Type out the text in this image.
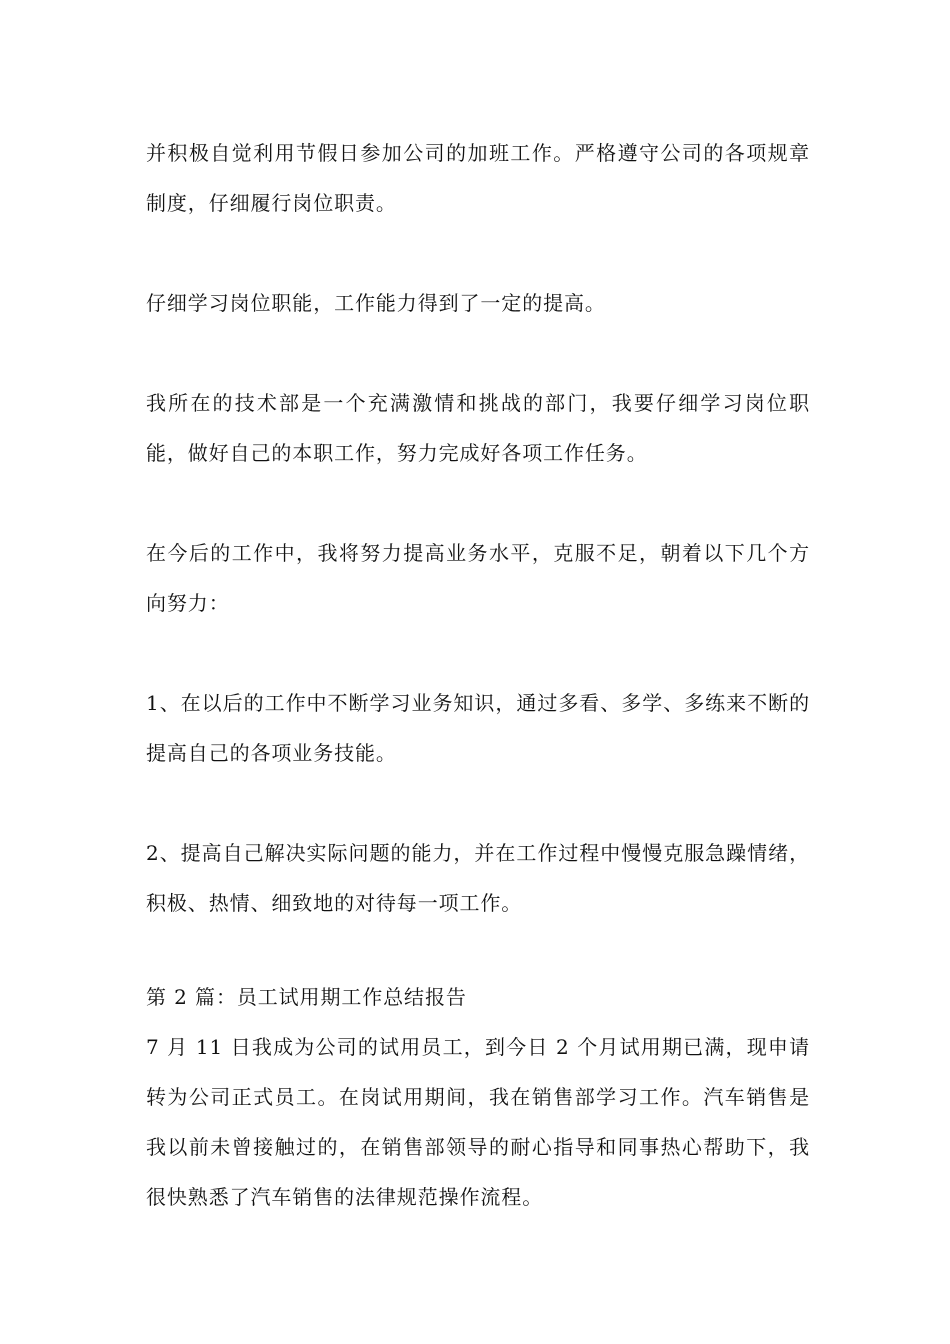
并积极自觉利用节假日参加公司的加班工作。严格遵守公司的各项规章制度，仔细履行岗位职责。

仔细学习岗位职能，工作能力得到了一定的提高。

我所在的技术部是一个充满激情和挑战的部门，我要仔细学习岗位职能，做好自己的本职工作，努力完成好各项工作任务。

在今后的工作中，我将努力提高业务水平，克服不足，朝着以下几个方向努力：

1、在以后的工作中不断学习业务知识，通过多看、多学、多练来不断的提高自己的各项业务技能。

2、提高自己解决实际问题的能力，并在工作过程中慢慢克服急躁情绪，积极、热情、细致地的对待每一项工作。

第 2 篇：员工试用期工作总结报告

7 月 11 日我成为公司的试用员工，到今日 2 个月试用期已满，现申请转为公司正式员工。在岗试用期间，我在销售部学习工作。汽车销售是我以前未曾接触过的，在销售部领导的耐心指导和同事热心帮助下，我很快熟悉了汽车销售的法律规范操作流程。
